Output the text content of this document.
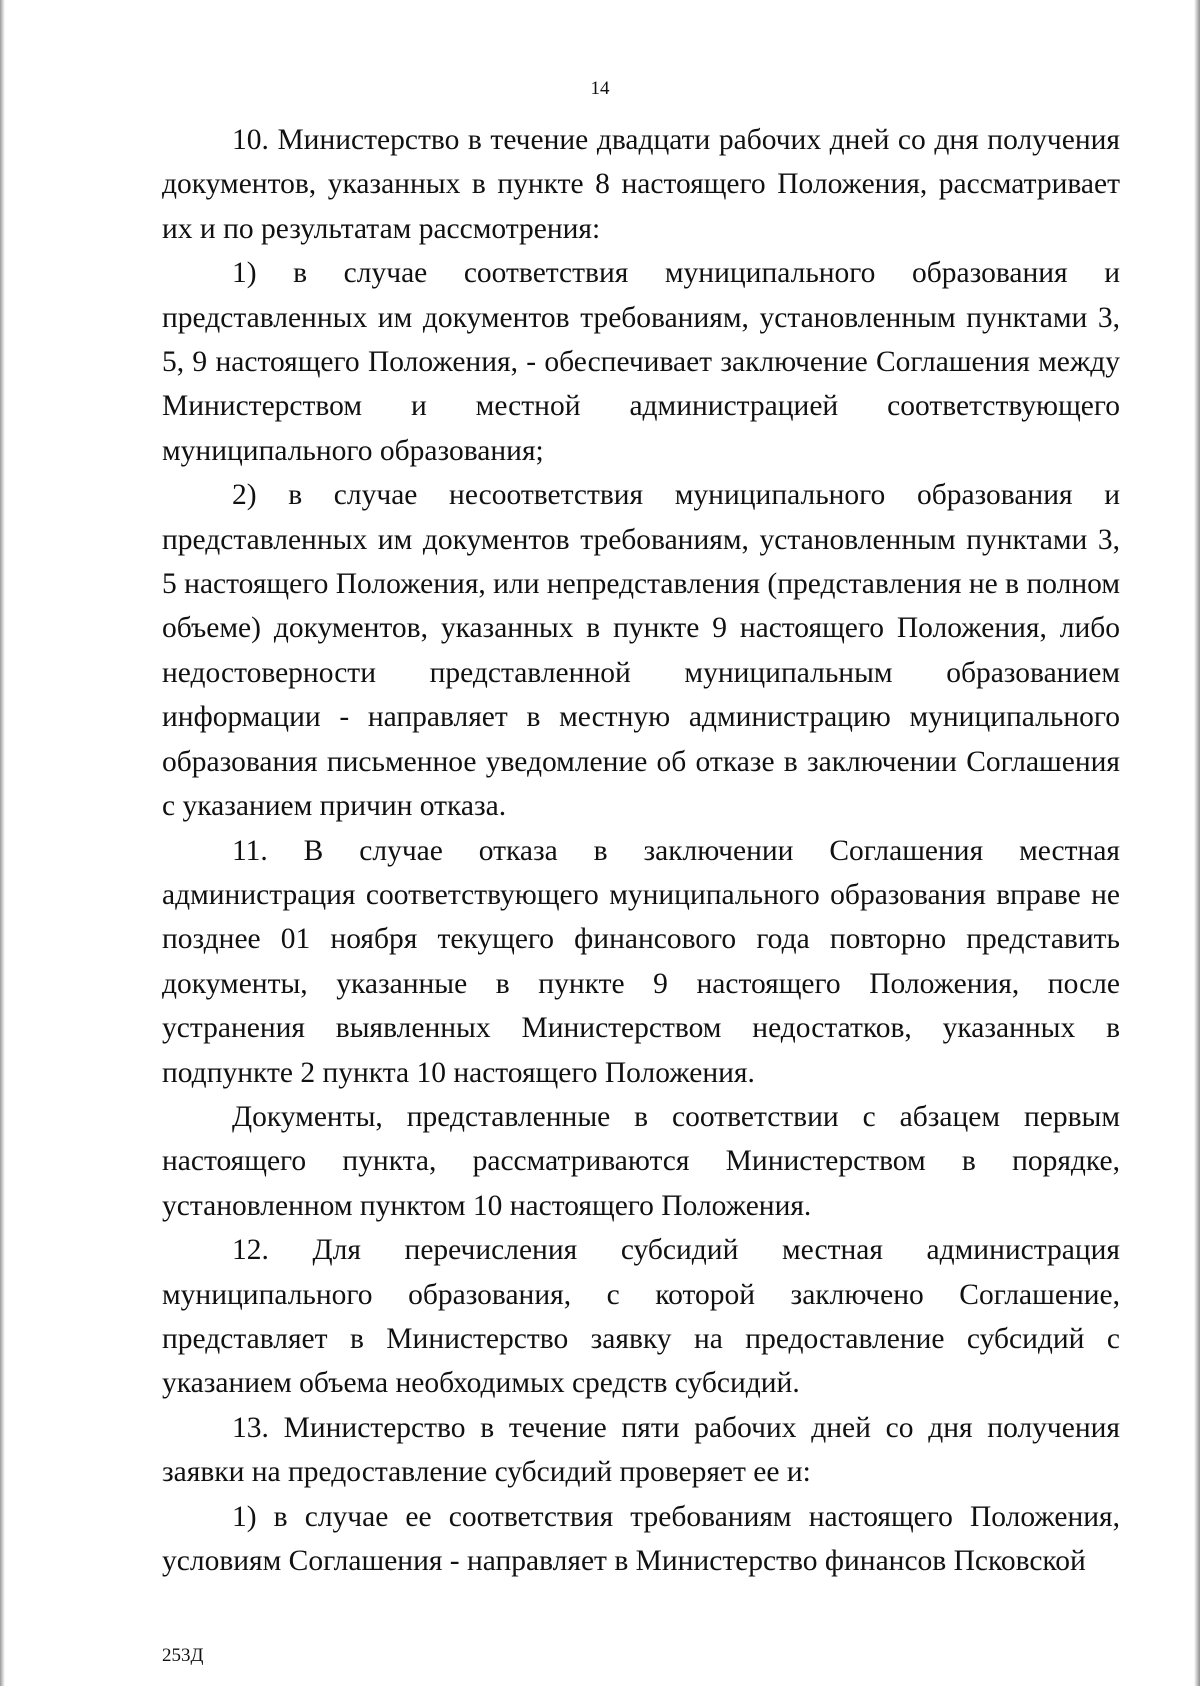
14

10. Министерство в течение двадцати рабочих дней со дня получения документов, указанных в пункте 8 настоящего Положения, рассматривает их и по результатам рассмотрения:

1) в случае соответствия муниципального образования и представленных им документов требованиям, установленным пунктами 3, 5, 9 настоящего Положения, - обеспечивает заключение Соглашения между Министерством и местной администрацией соответствующего муниципального образования;

2) в случае несоответствия муниципального образования и представленных им документов требованиям, установленным пунктами 3, 5 настоящего Положения, или непредставления (представления не в полном объеме) документов, указанных в пункте 9 настоящего Положения, либо недостоверности представленной муниципальным образованием информации - направляет в местную администрацию муниципального образования письменное уведомление об отказе в заключении Соглашения с указанием причин отказа.

11. В случае отказа в заключении Соглашения местная администрация соответствующего муниципального образования вправе не позднее 01 ноября текущего финансового года повторно представить документы, указанные в пункте 9 настоящего Положения, после устранения выявленных Министерством недостатков, указанных в подпункте 2 пункта 10 настоящего Положения.

Документы, представленные в соответствии с абзацем первым настоящего пункта, рассматриваются Министерством в порядке, установленном пунктом 10 настоящего Положения.

12. Для перечисления субсидий местная администрация муниципального образования, с которой заключено Соглашение, представляет в Министерство заявку на предоставление субсидий с указанием объема необходимых средств субсидий.

13. Министерство в течение пяти рабочих дней со дня получения заявки на предоставление субсидий проверяет ее и:

1) в случае ее соответствия требованиям настоящего Положения, условиям Соглашения - направляет в Министерство финансов Псковской

253Д
